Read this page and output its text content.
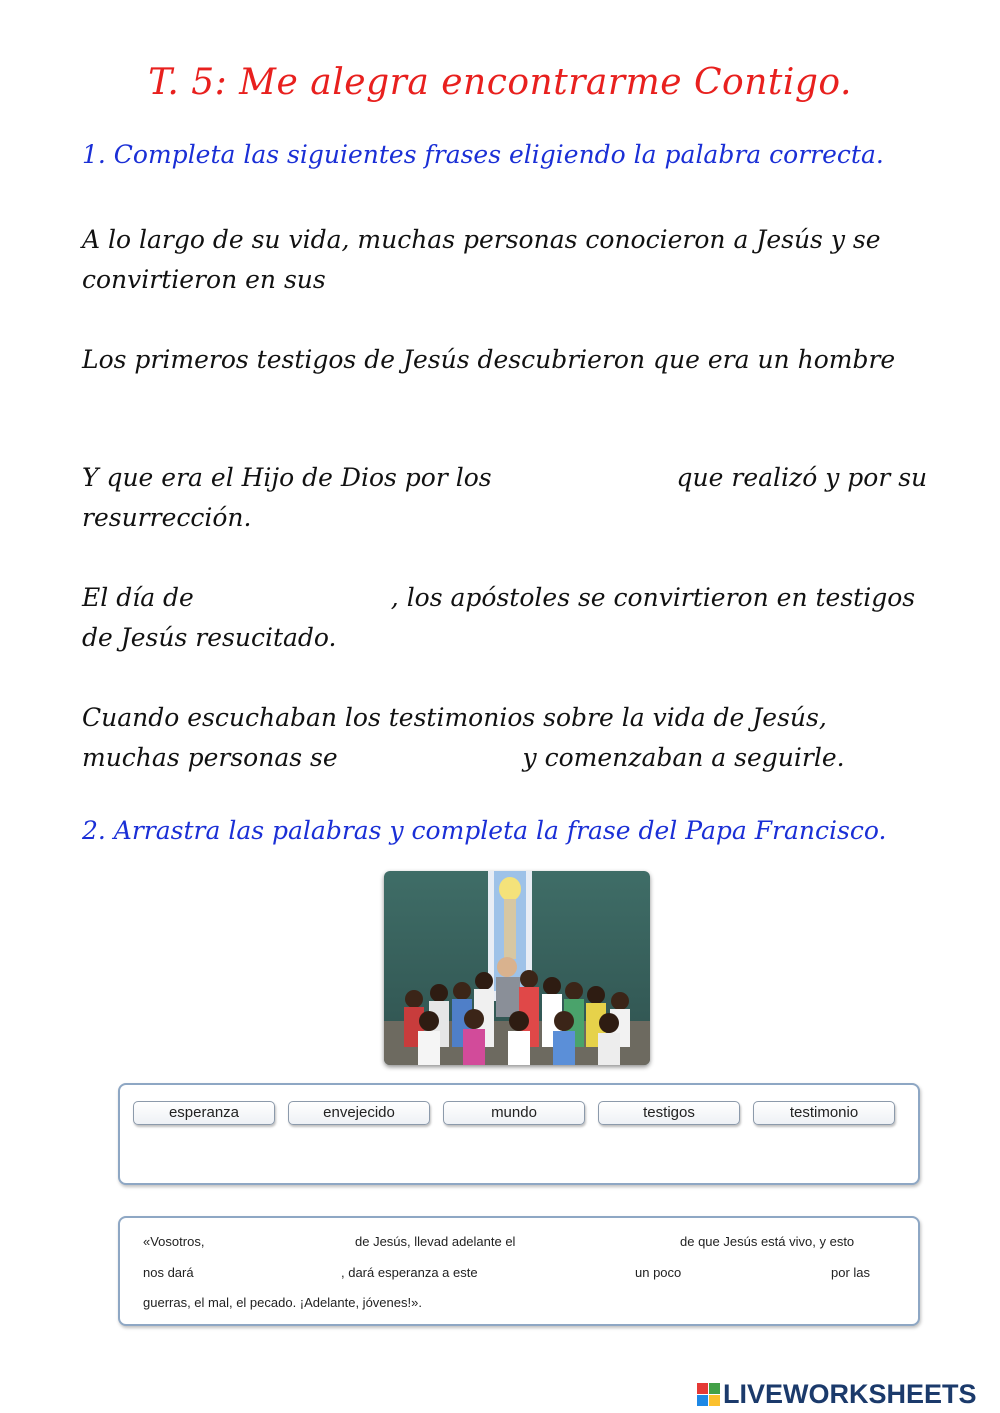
T. 5: Me alegra encontrarme Contigo.
1. Completa las siguientes frases eligiendo la palabra correcta.
A lo largo de su vida, muchas personas conocieron a Jesús y se convirtieron en sus
Los primeros testigos de Jesús descubrieron que era un hombre
Y que era el Hijo de Dios por los	que realizó y por su resurrección.
El día de	, los apóstoles se convirtieron en testigos de Jesús resucitado.
Cuando escuchaban los testimonios sobre la vida de Jesús, muchas personas se	y comenzaban a seguirle.
2. Arrastra las palabras y completa la frase del Papa Francisco.
esperanza	envejecido	mundo	testigos	testimonio
«Vosotros,	de Jesús, llevad adelante el	de que Jesús está vivo, y esto
nos dará	, dará esperanza a este	un poco	por las
guerras, el mal, el pecado. ¡Adelante, jóvenes!».
LIVEWORKSHEETS
